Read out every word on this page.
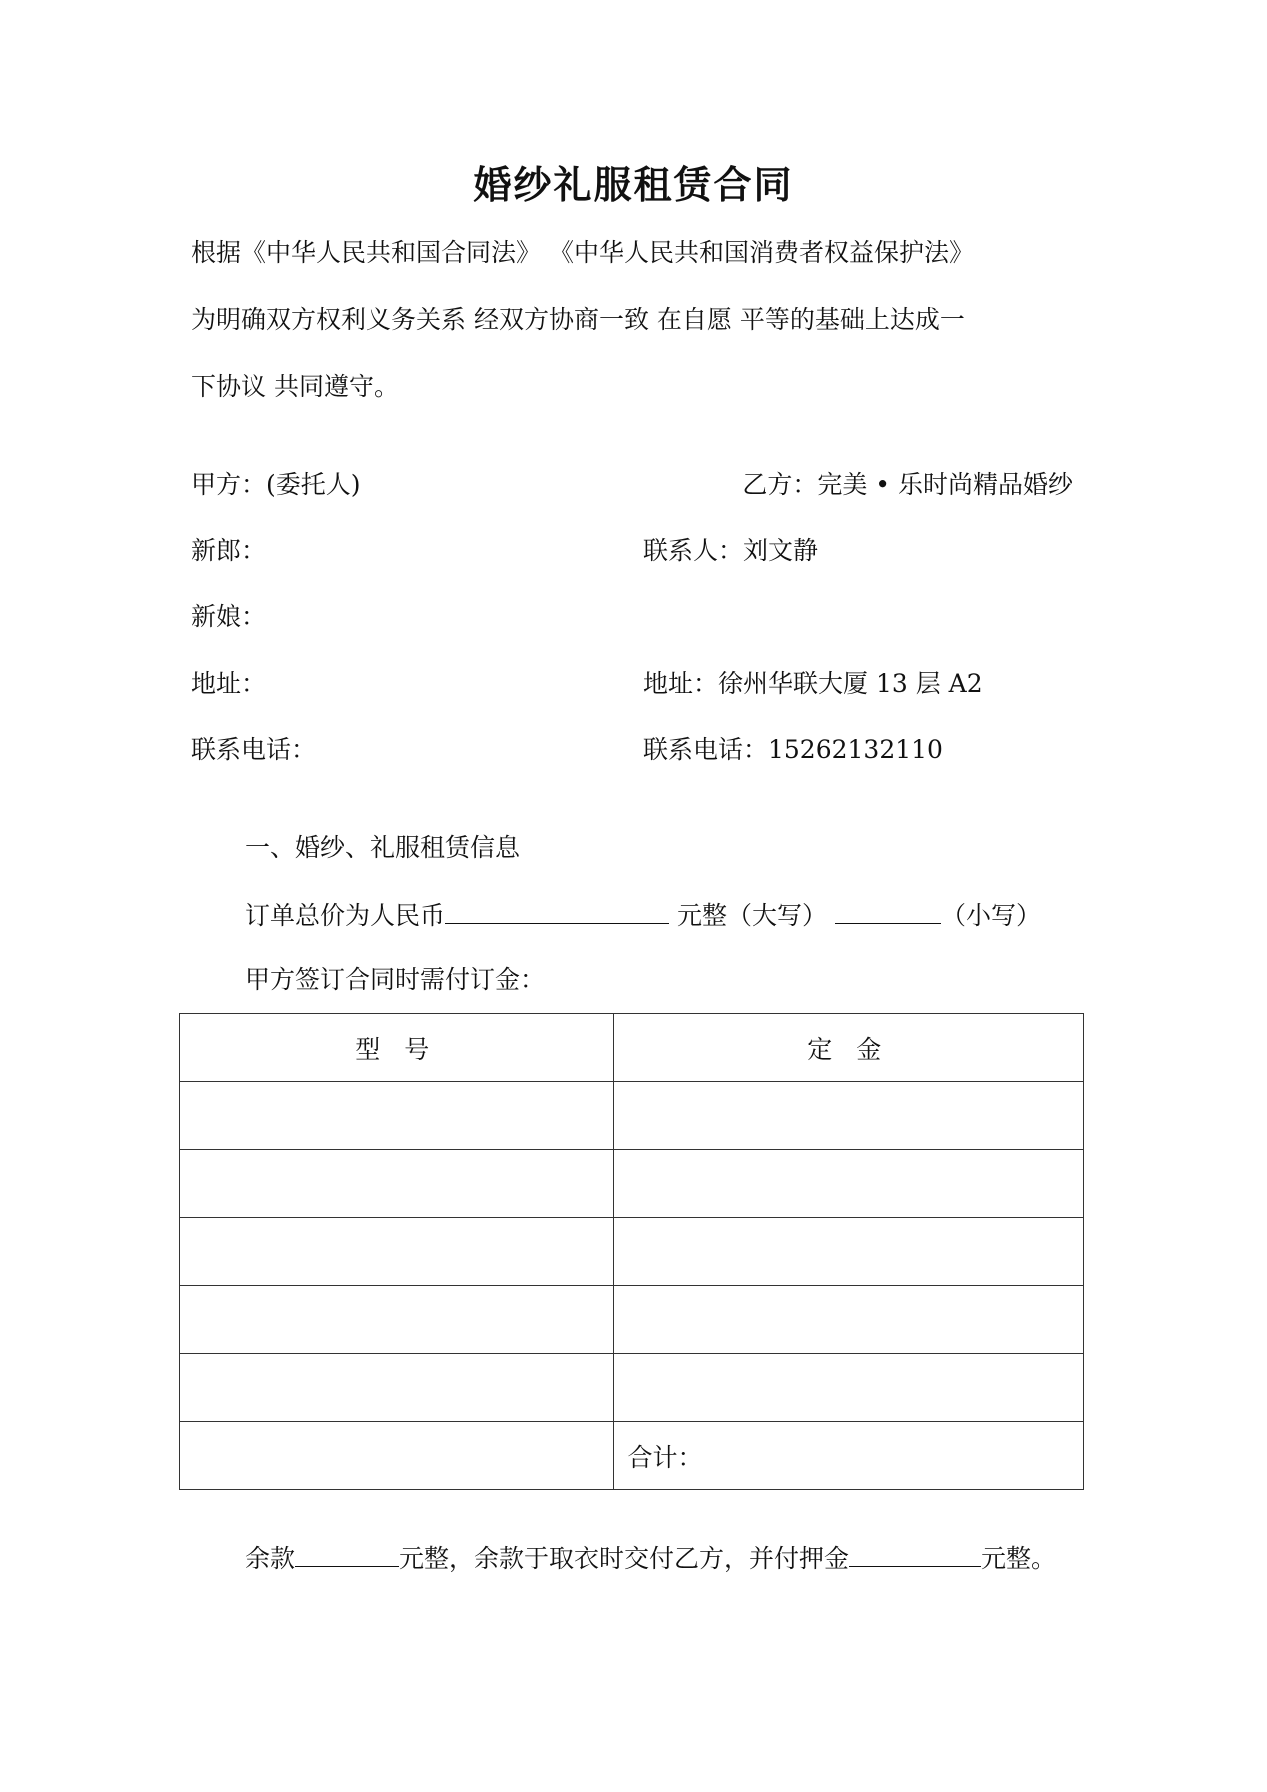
婚纱礼服租赁合同
根据《中华人民共和国合同法》 《中华人民共和国消费者权益保护法》
为明确双方权利义务关系 经双方协商一致 在自愿 平等的基础上达成一
下协议 共同遵守。
甲方：(委托人)	乙方：完美 • 乐时尚精品婚纱
新郎：	联系人：刘文静
新娘：
地址：	地址：徐州华联大厦 13 层 A2
联系电话：	联系电话：15262132110
一、婚纱、礼服租赁信息
订单总价为人民币	元整（大写）	（小写）
甲方签订合同时需付订金：
型 号	定 金

	合计：
余款	元整，余款于取衣时交付乙方，并付押金	元整。
